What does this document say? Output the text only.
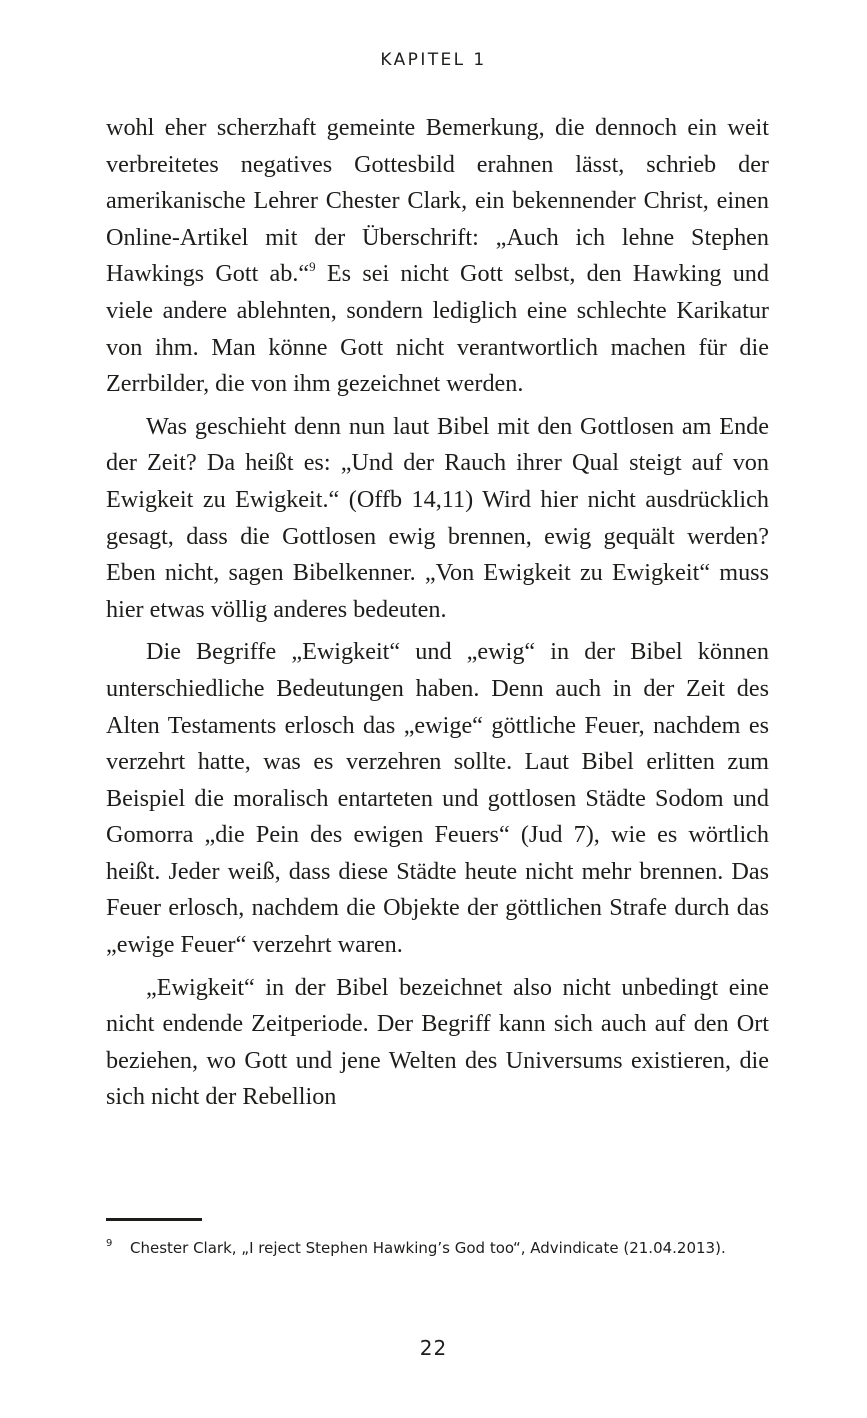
KAPITEL 1

wohl eher scherzhaft gemeinte Bemerkung, die dennoch ein weit verbreitetes negatives Gottesbild erahnen lässt, schrieb der amerikanische Lehrer Chester Clark, ein bekennender Christ, einen Online-Artikel mit der Überschrift: „Auch ich lehne Stephen Hawkings Gott ab.“$^9$ Es sei nicht Gott selbst, den Hawking und viele andere ablehnten, sondern lediglich eine schlechte Karikatur von ihm. Man könne Gott nicht verantwortlich machen für die Zerrbilder, die von ihm gezeichnet werden.

Was geschieht denn nun laut Bibel mit den Gottlosen am Ende der Zeit? Da heißt es: „Und der Rauch ihrer Qual steigt auf von Ewigkeit zu Ewigkeit.“ (Offb 14,11) Wird hier nicht ausdrücklich gesagt, dass die Gottlosen ewig brennen, ewig gequält werden? Eben nicht, sagen Bibelkenner. „Von Ewigkeit zu Ewigkeit“ muss hier etwas völlig anderes bedeuten.

Die Begriffe „Ewigkeit“ und „ewig“ in der Bibel können unterschiedliche Bedeutungen haben. Denn auch in der Zeit des Alten Testaments erlosch das „ewige“ göttliche Feuer, nachdem es verzehrt hatte, was es verzehren sollte. Laut Bibel erlitten zum Beispiel die moralisch entarteten und gottlosen Städte Sodom und Gomorra „die Pein des ewigen Feuers“ (Jud 7), wie es wörtlich heißt. Jeder weiß, dass diese Städte heute nicht mehr brennen. Das Feuer erlosch, nachdem die Objekte der göttlichen Strafe durch das „ewige Feuer“ verzehrt waren.

„Ewigkeit“ in der Bibel bezeichnet also nicht unbedingt eine nicht endende Zeitperiode. Der Begriff kann sich auch auf den Ort beziehen, wo Gott und jene Welten des Universums existieren, die sich nicht der Rebellion

9 Chester Clark, „I reject Stephen Hawking’s God too“, Advindicate (21.04.2013).
22
